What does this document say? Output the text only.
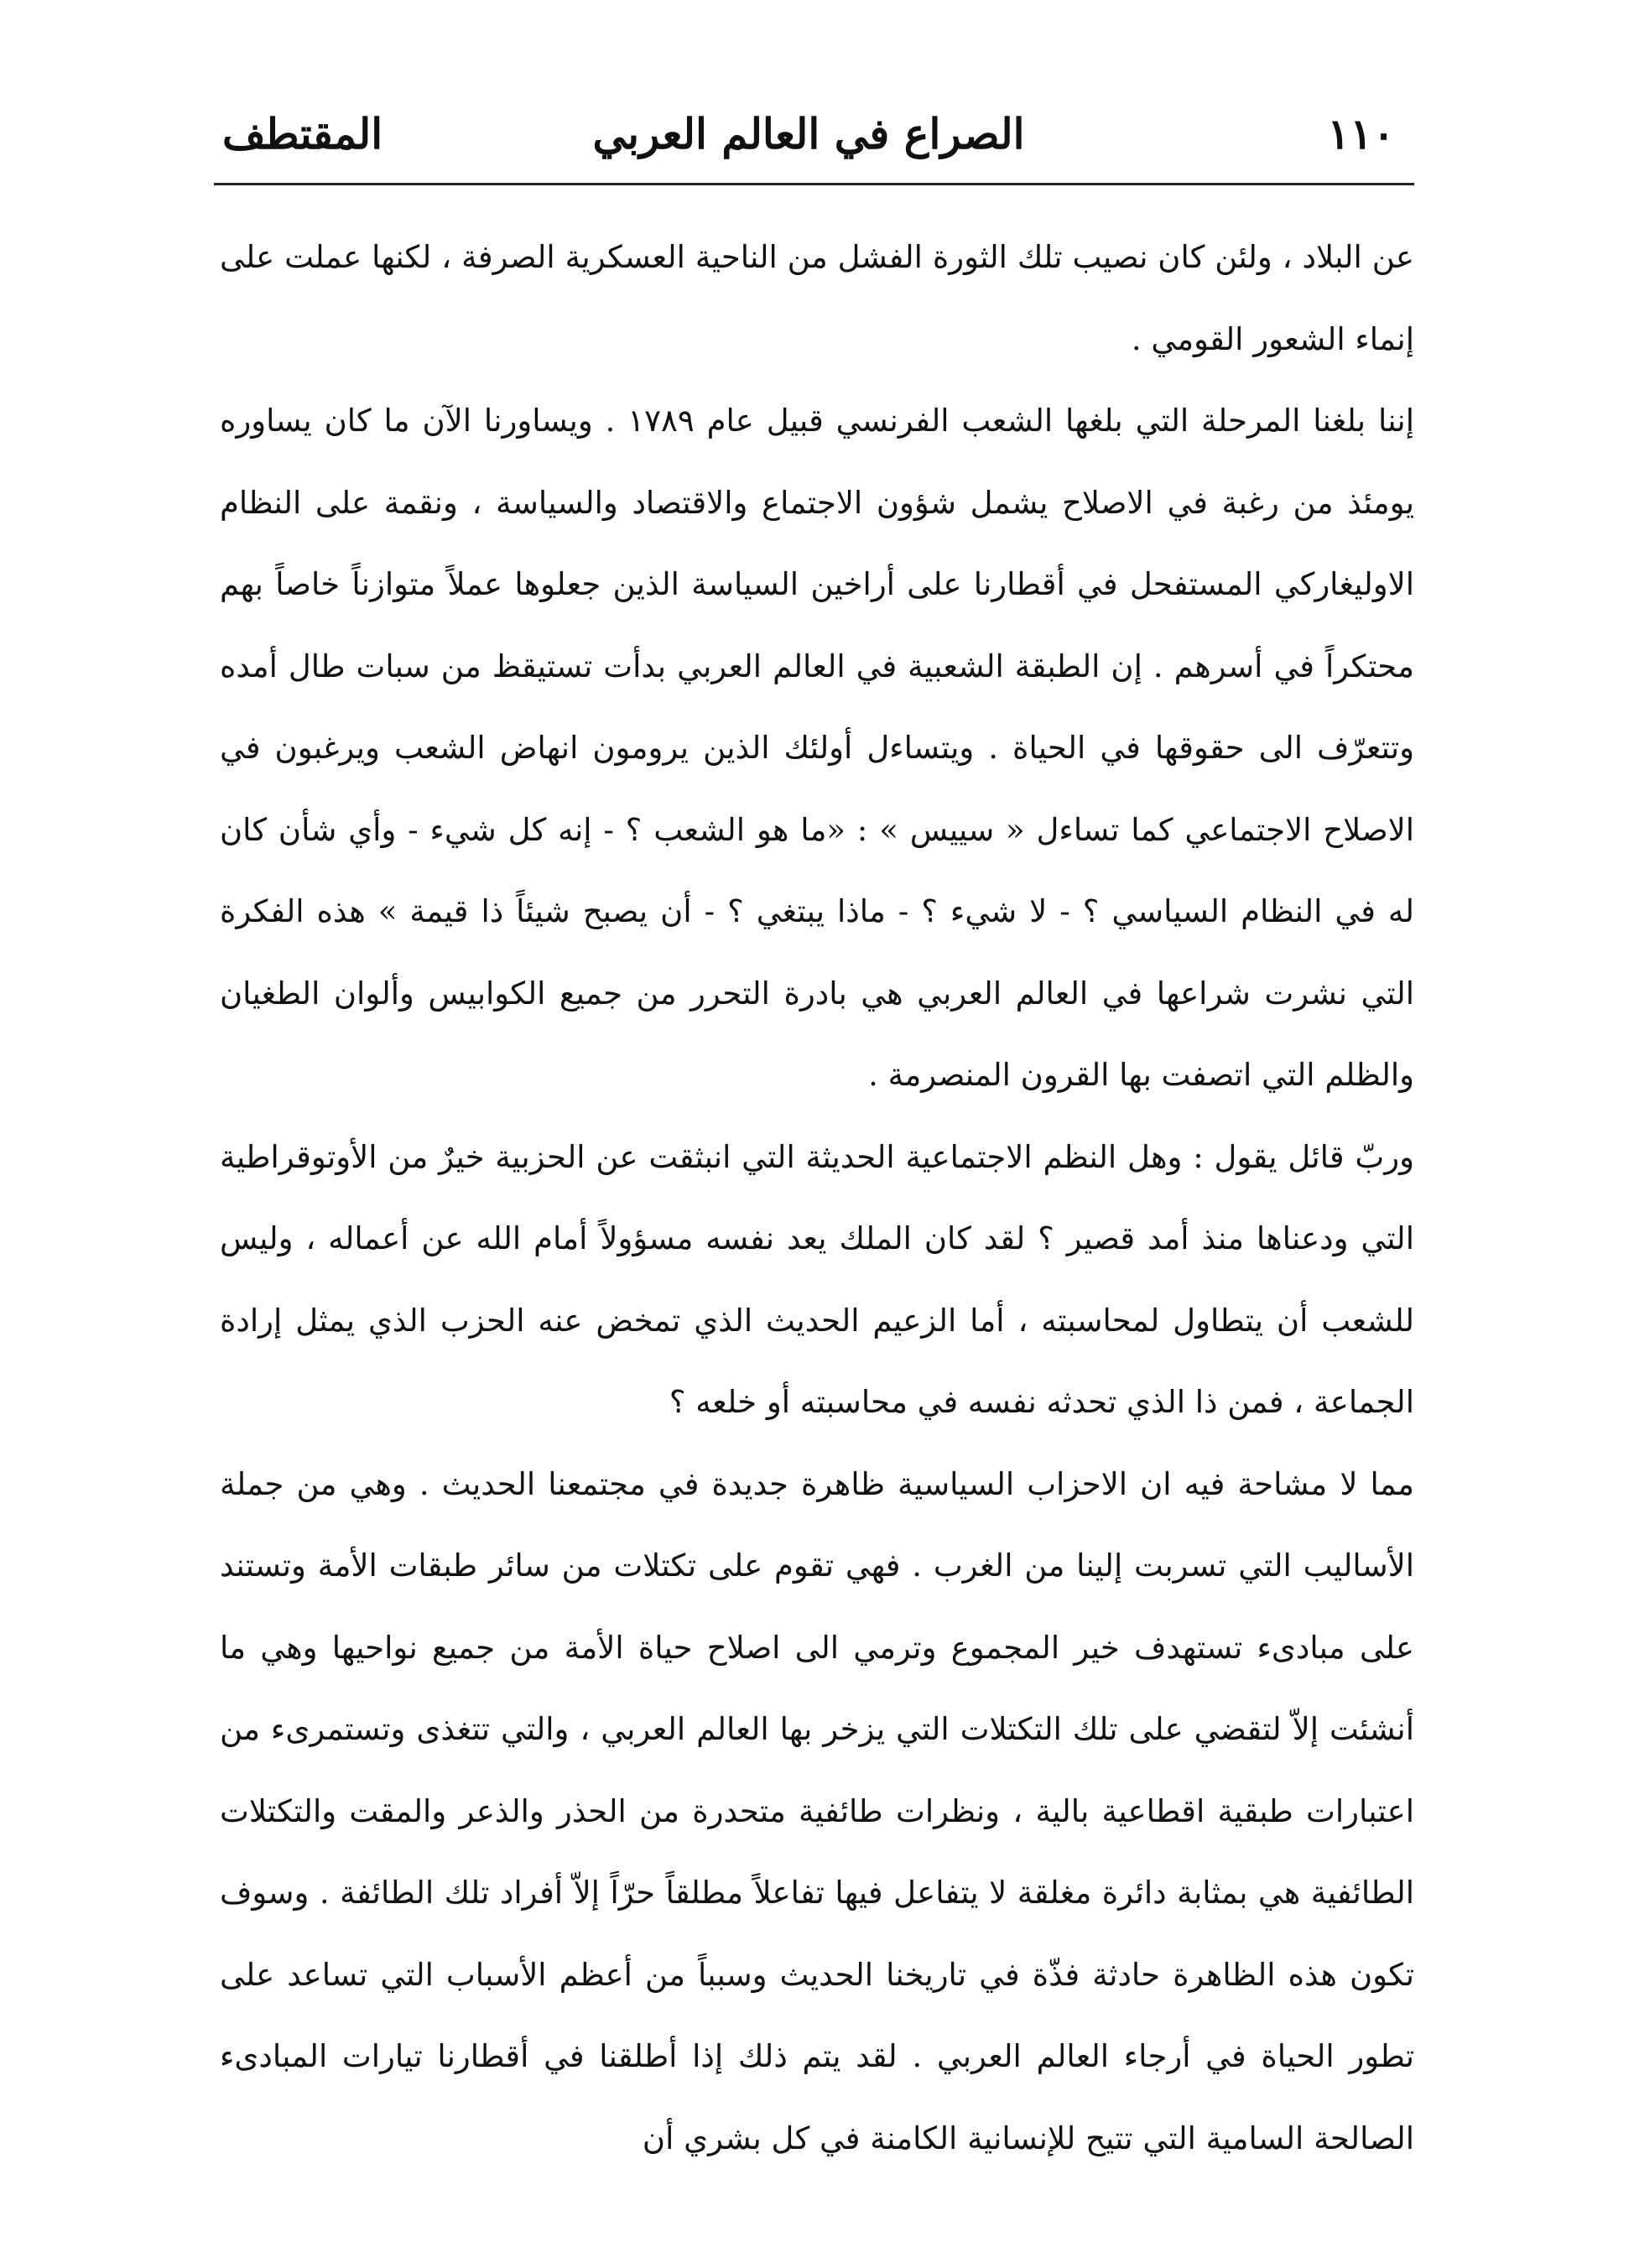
١١٠
الصراع في العالم العربي
المقتطف

عن البلاد ، ولئن كان نصيب تلك الثورة الفشل من الناحية العسكرية الصرفة ، لكنها عملت على إنماء الشعور القومي .

إننا بلغنا المرحلة التي بلغها الشعب الفرنسي قبيل عام ١٧٨٩ . ويساورنا الآن ما كان يساوره يومئذ من رغبة في الاصلاح يشمل شؤون الاجتماع والاقتصاد والسياسة ، ونقمة على النظام الاوليغاركي المستفحل في أقطارنا على أراخين السياسة الذين جعلوها عملاً متوازناً خاصاً بهم محتكراً في أسرهم . إن الطبقة الشعبية في العالم العربي بدأت تستيقظ من سبات طال أمده وتتعرّف الى حقوقها في الحياة . ويتساءل أولئك الذين يرومون انهاض الشعب ويرغبون في الاصلاح الاجتماعي كما تساءل « سييس » : «ما هو الشعب ؟ - إنه كل شيء - وأي شأن كان له في النظام السياسي ؟ - لا شيء ؟ - ماذا يبتغي ؟ - أن يصبح شيئاً ذا قيمة » هذه الفكرة التي نشرت شراعها في العالم العربي هي بادرة التحرر من جميع الكوابيس وألوان الطغيان والظلم التي اتصفت بها القرون المنصرمة .

وربّ قائل يقول : وهل النظم الاجتماعية الحديثة التي انبثقت عن الحزبية خيرٌ من الأوتوقراطية التي ودعناها منذ أمد قصير ؟ لقد كان الملك يعد نفسه مسؤولاً أمام الله عن أعماله ، وليس للشعب أن يتطاول لمحاسبته ، أما الزعيم الحديث الذي تمخض عنه الحزب الذي يمثل إرادة الجماعة ، فمن ذا الذي تحدثه نفسه في محاسبته أو خلعه ؟

مما لا مشاحة فيه ان الاحزاب السياسية ظاهرة جديدة في مجتمعنا الحديث . وهي من جملة الأساليب التي تسربت إلينا من الغرب . فهي تقوم على تكتلات من سائر طبقات الأمة وتستند على مبادىء تستهدف خير المجموع وترمي الى اصلاح حياة الأمة من جميع نواحيها وهي ما أنشئت إلاّ لتقضي على تلك التكتلات التي يزخر بها العالم العربي ، والتي تتغذى وتستمرىء من اعتبارات طبقية اقطاعية بالية ، ونظرات طائفية متحدرة من الحذر والذعر والمقت والتكتلات الطائفية هي بمثابة دائرة مغلقة لا يتفاعل فيها تفاعلاً مطلقاً حرّاً إلاّ أفراد تلك الطائفة . وسوف تكون هذه الظاهرة حادثة فذّة في تاريخنا الحديث وسبباً من أعظم الأسباب التي تساعد على تطور الحياة في أرجاء العالم العربي . لقد يتم ذلك إذا أطلقنا في أقطارنا تيارات المبادىء الصالحة السامية التي تتيح للإنسانية الكامنة في كل بشري أن
